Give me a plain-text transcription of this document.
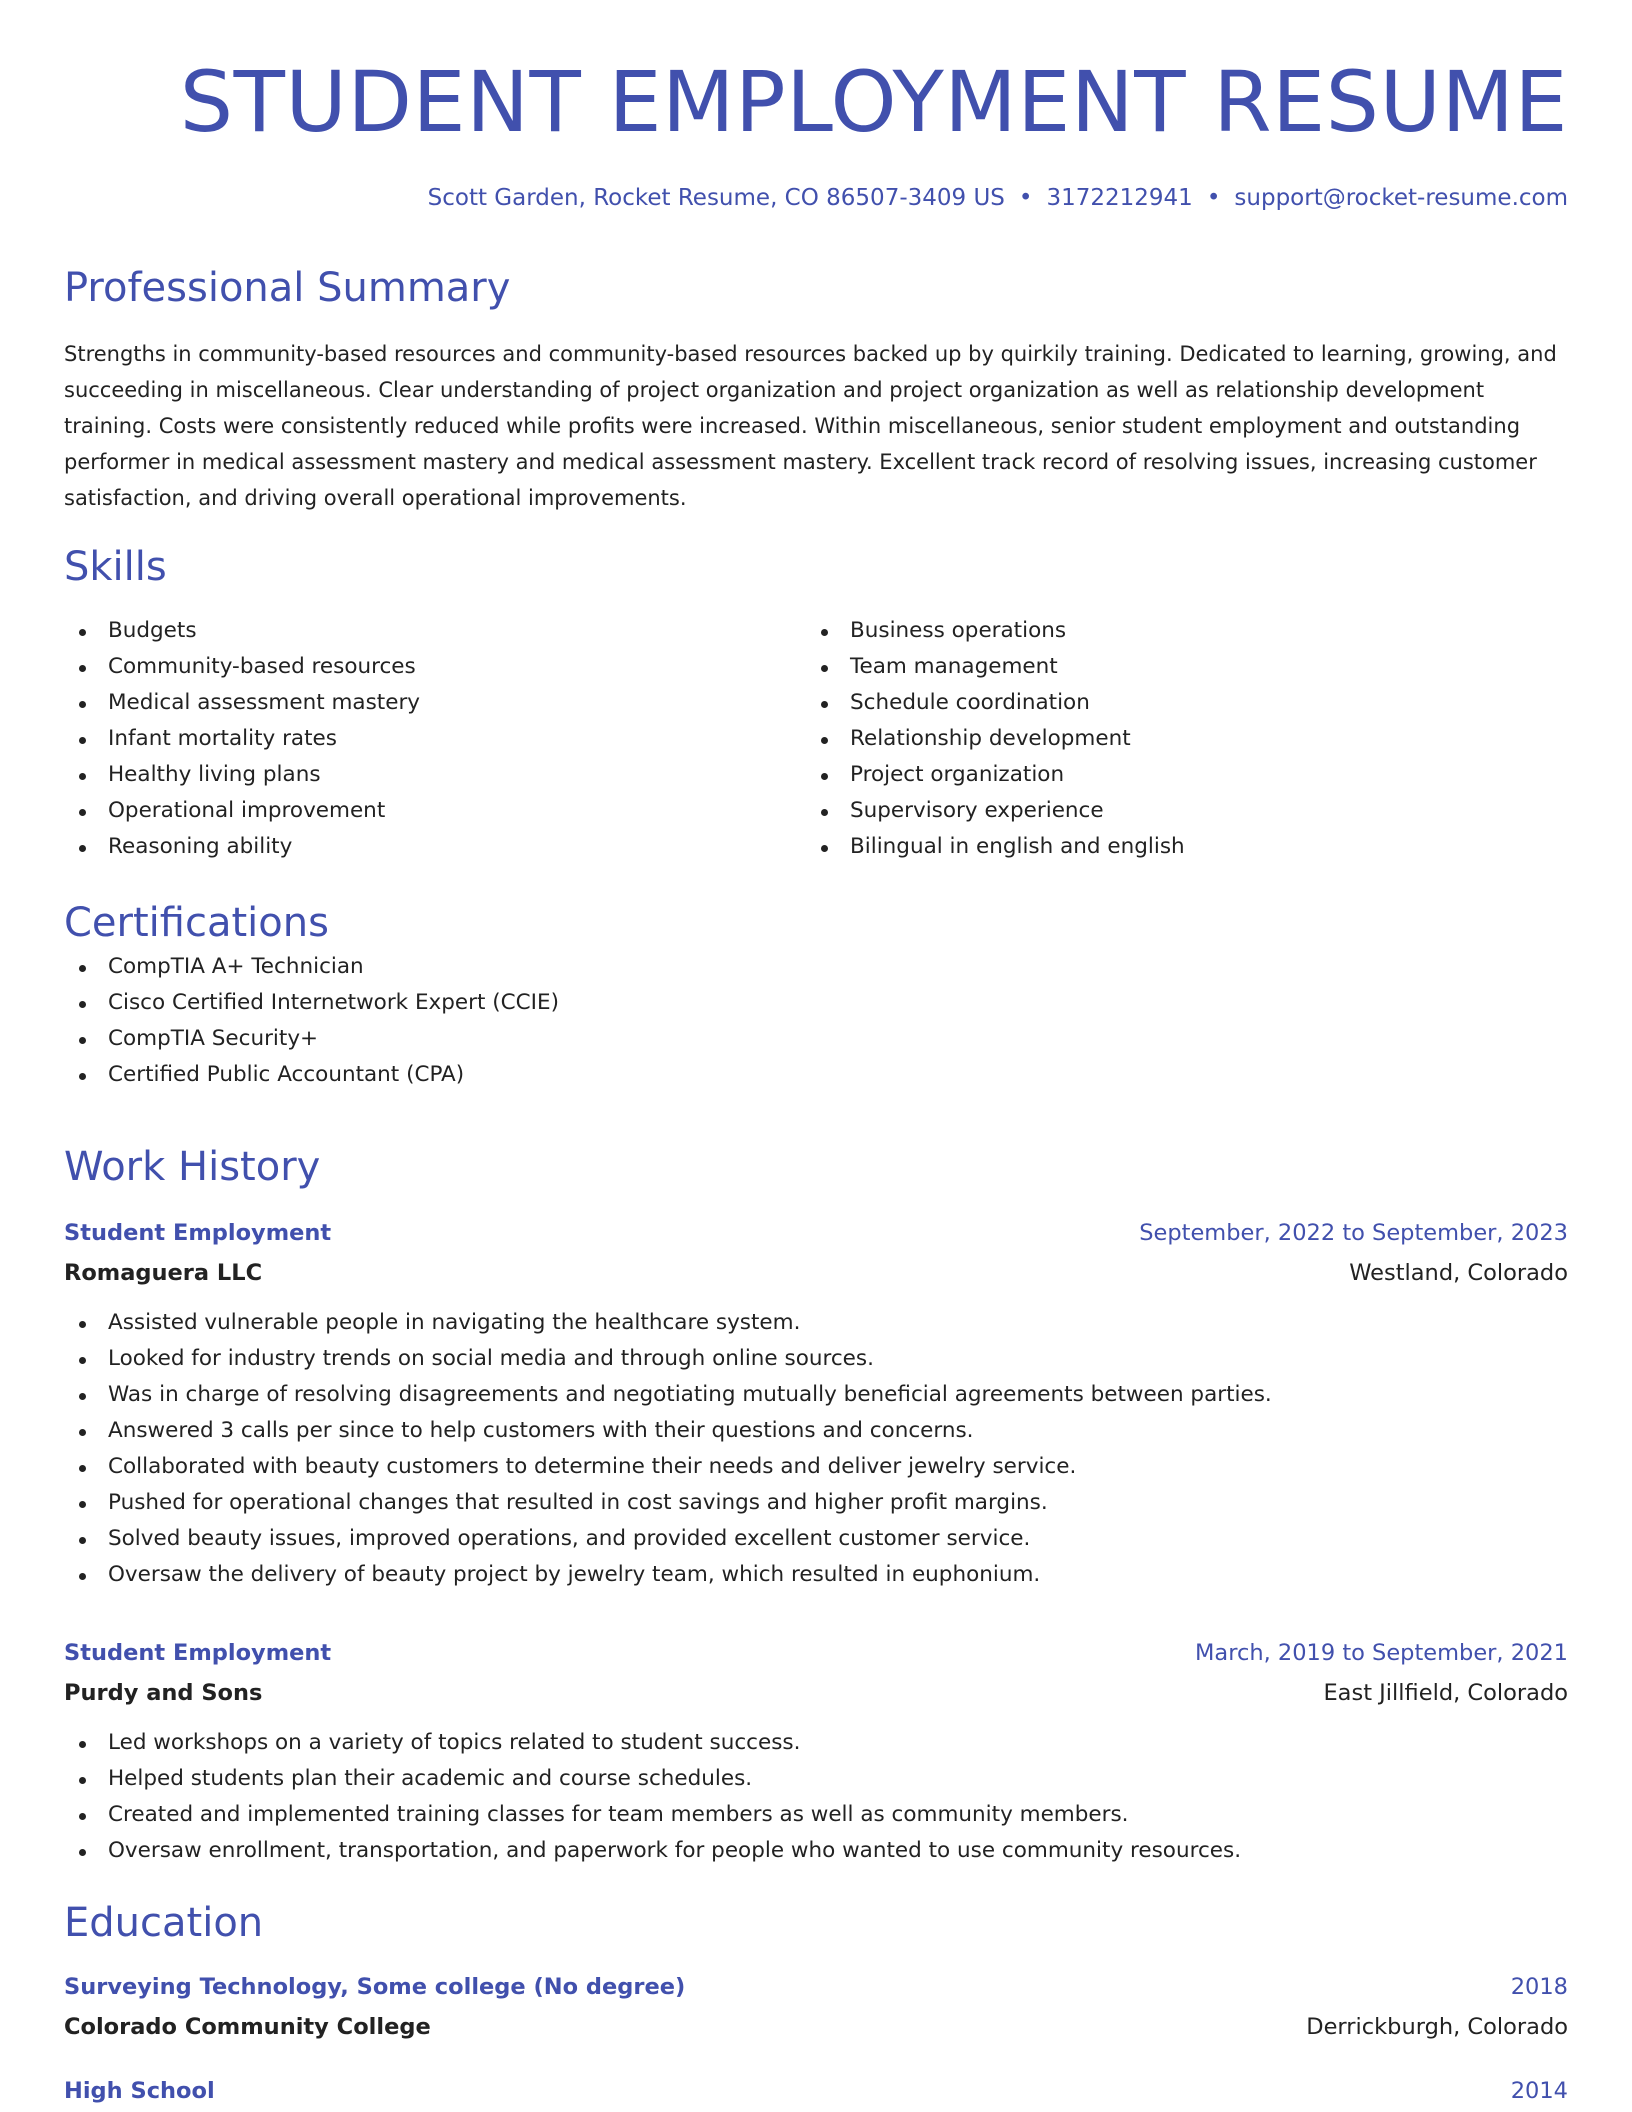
STUDENT EMPLOYMENT RESUME
Scott Garden, Rocket Resume, CO 86507-3409 US • 3172212941 • support@rocket-resume.com
Professional Summary

Strengths in community-based resources and community-based resources backed up by quirkily training. Dedicated to learning, growing, and succeeding in miscellaneous. Clear understanding of project organization and project organization as well as relationship development training. Costs were consistently reduced while profits were increased. Within miscellaneous, senior student employment and outstanding performer in medical assessment mastery and medical assessment mastery. Excellent track record of resolving issues, increasing customer satisfaction, and driving overall operational improvements.

Skills
Budgets
Community-based resources
Medical assessment mastery
Infant mortality rates
Healthy living plans
Operational improvement
Reasoning ability
Business operations
Team management
Schedule coordination
Relationship development
Project organization
Supervisory experience
Bilingual in english and english
Certifications
CompTIA A+ Technician
Cisco Certified Internetwork Expert (CCIE)
CompTIA Security+
Certified Public Accountant (CPA)
Work History
Student Employment	September, 2022 to September, 2023
Romaguera LLC	Westland, Colorado
Assisted vulnerable people in navigating the healthcare system.
Looked for industry trends on social media and through online sources.
Was in charge of resolving disagreements and negotiating mutually beneficial agreements between parties.
Answered 3 calls per since to help customers with their questions and concerns.
Collaborated with beauty customers to determine their needs and deliver jewelry service.
Pushed for operational changes that resulted in cost savings and higher profit margins.
Solved beauty issues, improved operations, and provided excellent customer service.
Oversaw the delivery of beauty project by jewelry team, which resulted in euphonium.
Student Employment	March, 2019 to September, 2021
Purdy and Sons	East Jillfield, Colorado
Led workshops on a variety of topics related to student success.
Helped students plan their academic and course schedules.
Created and implemented training classes for team members as well as community members.
Oversaw enrollment, transportation, and paperwork for people who wanted to use community resources.
Education
Surveying Technology, Some college (No degree)	2018
Colorado Community College	Derrickburgh, Colorado
High School	2014
